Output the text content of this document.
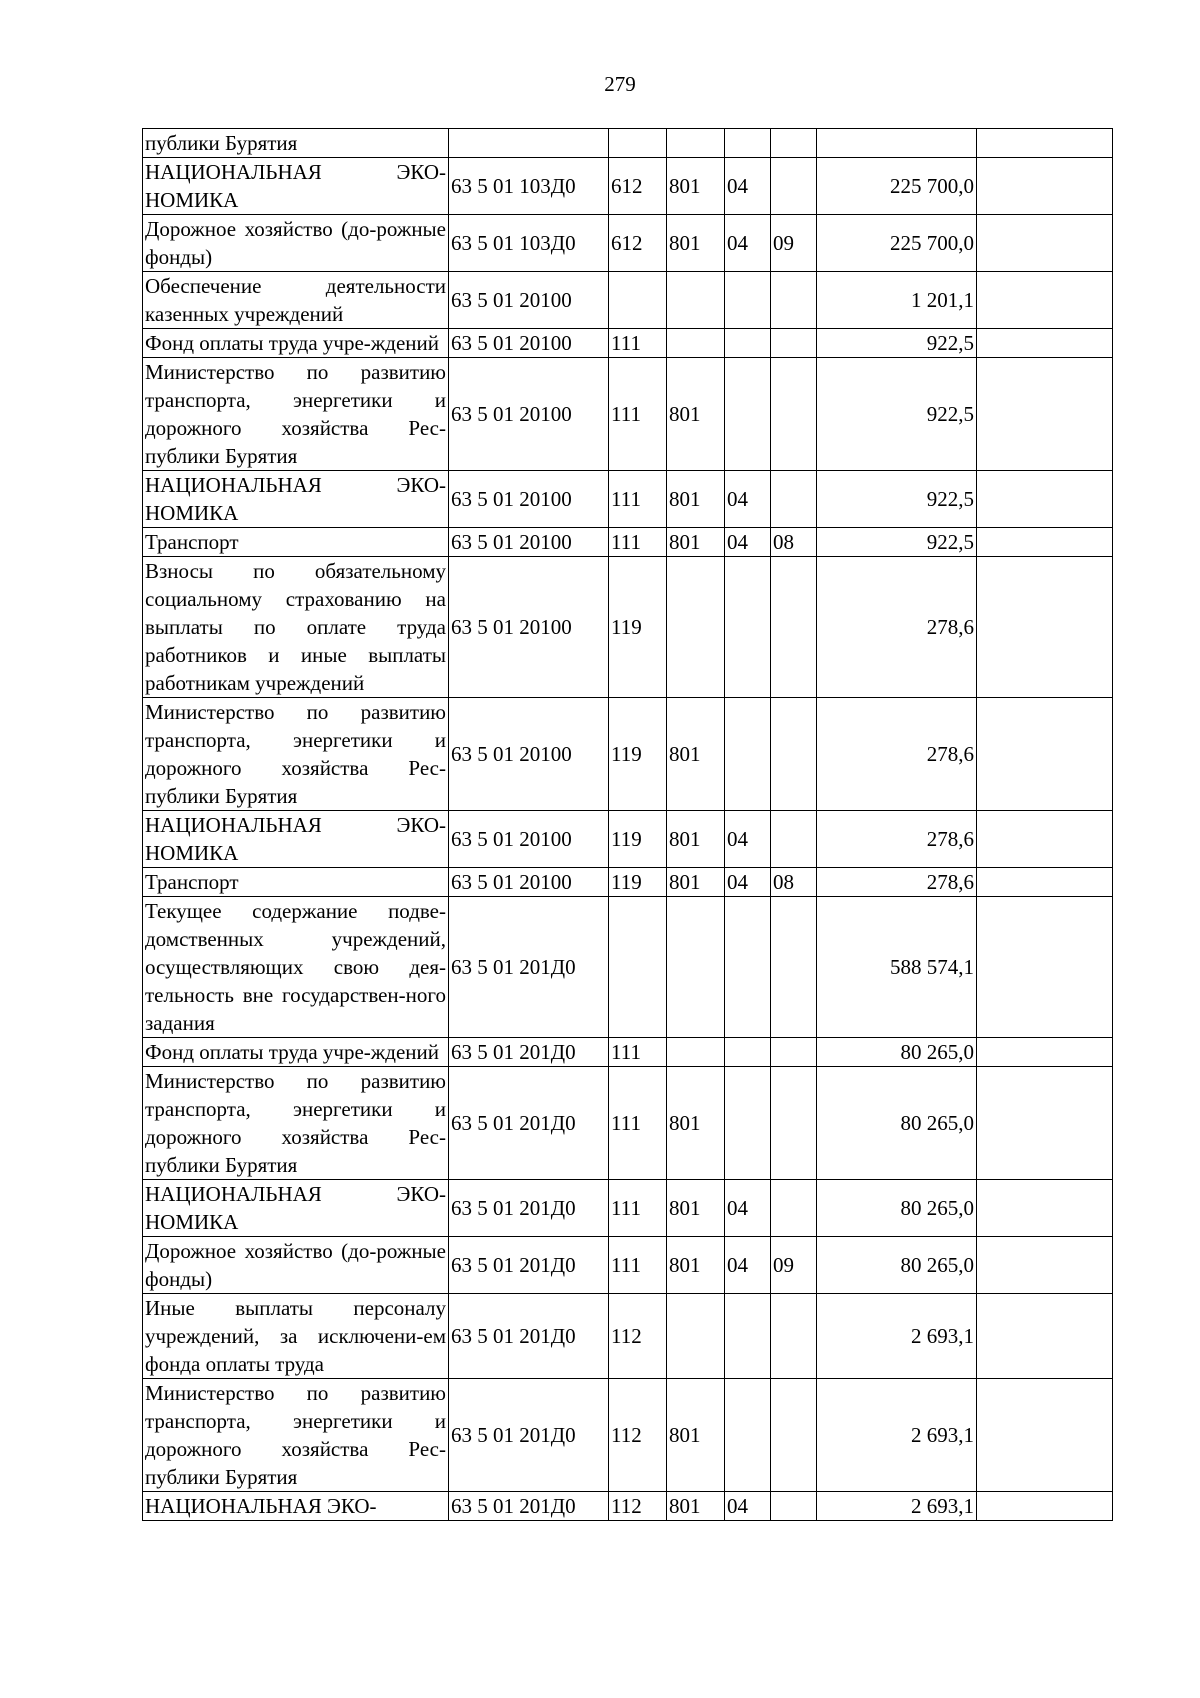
279
публики Бурятия							
НАЦИОНАЛЬНАЯ ЭКО-НОМИКА	63 5 01 103Д0	612	801	04		225 700,0	
Дорожное хозяйство (до-рожные фонды)	63 5 01 103Д0	612	801	04	09	225 700,0	
Обеспечение деятельности казенных учреждений	63 5 01 20100					1 201,1	
Фонд оплаты труда учре-ждений	63 5 01 20100	111				922,5	
Министерство по развитию транспорта, энергетики и дорожного хозяйства Рес-публики Бурятия	63 5 01 20100	111	801			922,5	
НАЦИОНАЛЬНАЯ ЭКО-НОМИКА	63 5 01 20100	111	801	04		922,5	
Транспорт	63 5 01 20100	111	801	04	08	922,5	
Взносы по обязательному социальному страхованию на выплаты по оплате труда работников и иные выплаты работникам учреждений	63 5 01 20100	119				278,6	
Министерство по развитию транспорта, энергетики и дорожного хозяйства Рес-публики Бурятия	63 5 01 20100	119	801			278,6	
НАЦИОНАЛЬНАЯ ЭКО-НОМИКА	63 5 01 20100	119	801	04		278,6	
Транспорт	63 5 01 20100	119	801	04	08	278,6	
Текущее содержание подве-домственных учреждений, осуществляющих свою дея-тельность вне государствен-ного задания	63 5 01 201Д0					588 574,1	
Фонд оплаты труда учре-ждений	63 5 01 201Д0	111				80 265,0	
Министерство по развитию транспорта, энергетики и дорожного хозяйства Рес-публики Бурятия	63 5 01 201Д0	111	801			80 265,0	
НАЦИОНАЛЬНАЯ ЭКО-НОМИКА	63 5 01 201Д0	111	801	04		80 265,0	
Дорожное хозяйство (до-рожные фонды)	63 5 01 201Д0	111	801	04	09	80 265,0	
Иные выплаты персоналу учреждений, за исключени-ем фонда оплаты труда	63 5 01 201Д0	112				2 693,1	
Министерство по развитию транспорта, энергетики и дорожного хозяйства Рес-публики Бурятия	63 5 01 201Д0	112	801			2 693,1	
НАЦИОНАЛЬНАЯ ЭКО-	63 5 01 201Д0	112	801	04		2 693,1	
